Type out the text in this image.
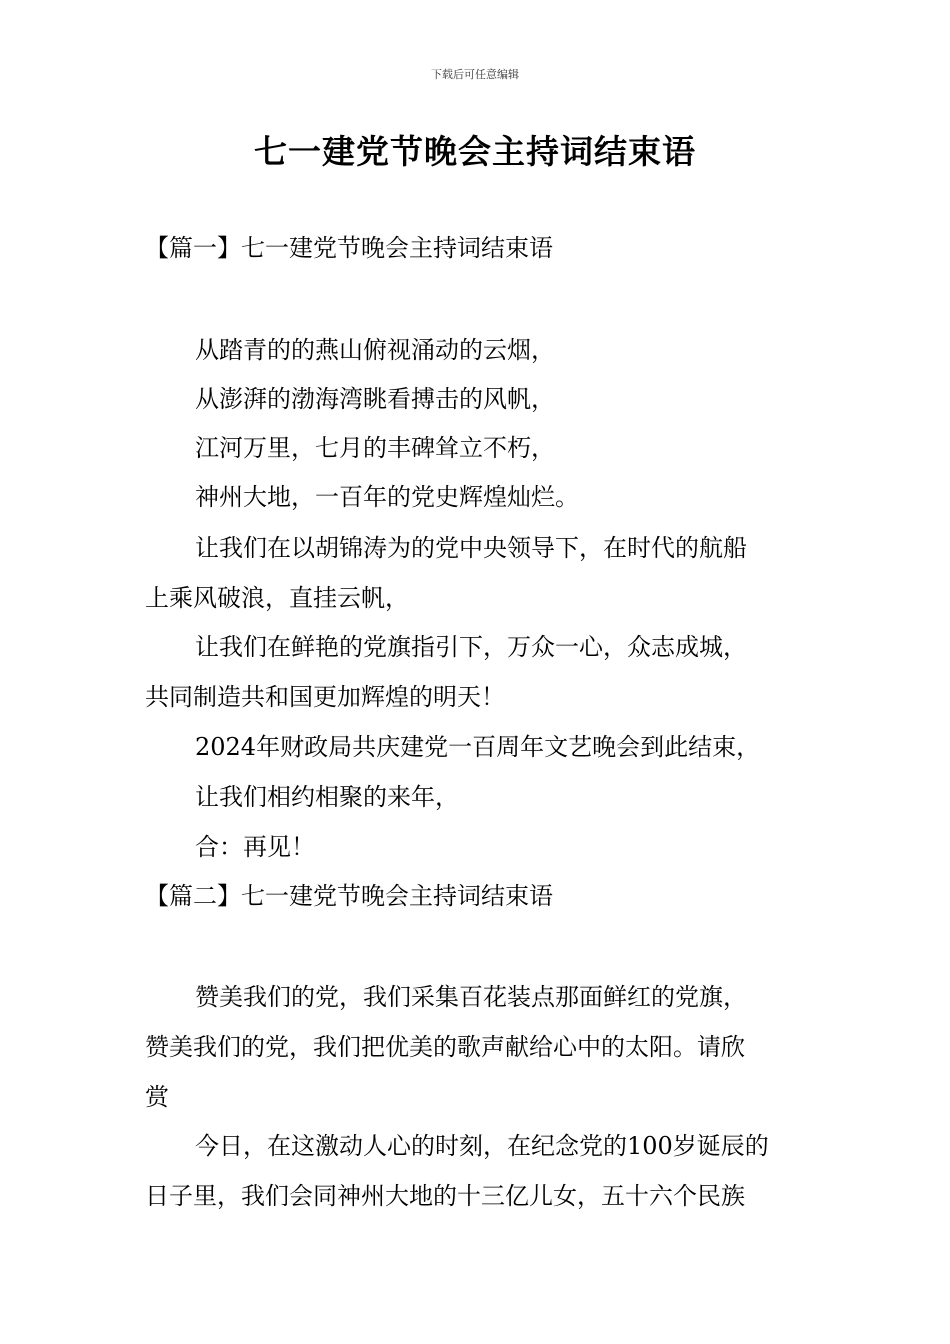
下载后可任意编辑
七一建党节晚会主持词结束语
【篇一】七一建党节晚会主持词结束语
从踏青的的燕山俯视涌动的云烟，
从澎湃的渤海湾眺看搏击的风帆，
江河万里，七月的丰碑耸立不朽，
神州大地，一百年的党史辉煌灿烂。
让我们在以胡锦涛为的党中央领导下，在时代的航船
上乘风破浪，直挂云帆，
让我们在鲜艳的党旗指引下，万众一心，众志成城，
共同制造共和国更加辉煌的明天！
2024年财政局共庆建党一百周年文艺晚会到此结束，
让我们相约相聚的来年，
合：再见！
【篇二】七一建党节晚会主持词结束语
赞美我们的党，我们采集百花装点那面鲜红的党旗，
赞美我们的党，我们把优美的歌声献给心中的太阳。请欣
赏
今日，在这激动人心的时刻，在纪念党的100岁诞辰的
日子里，我们会同神州大地的十三亿儿女，五十六个民族
